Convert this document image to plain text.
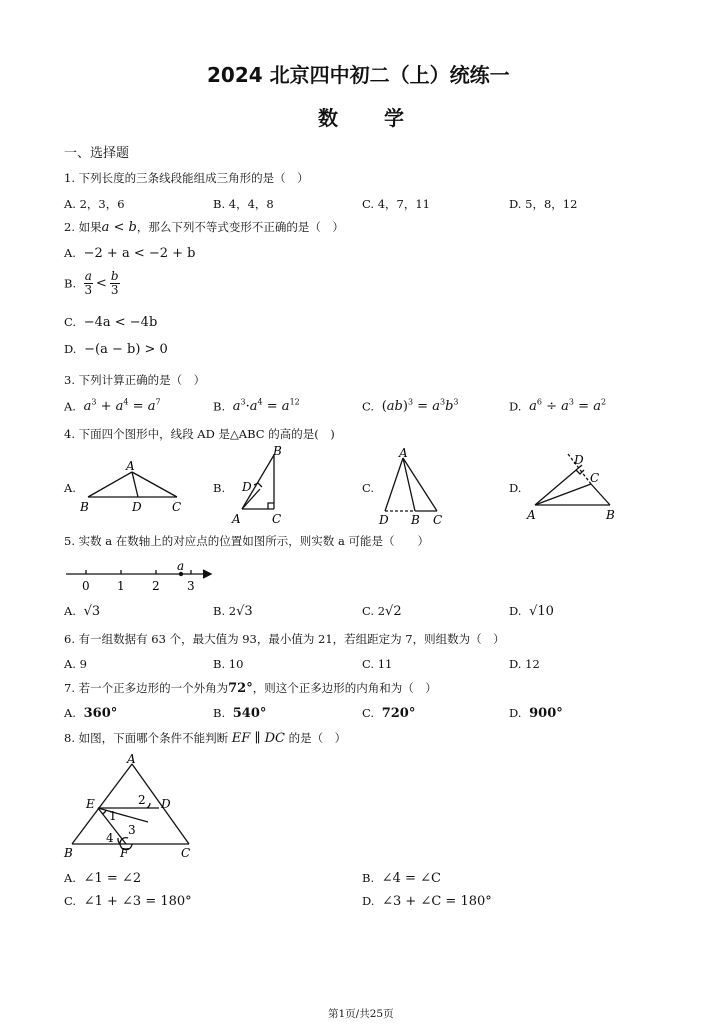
2024 北京四中初二（上）统练一
数　　学
一、选择题
1. 下列长度的三条线段能组成三角形的是（　）
A. 2，3，6	B. 4，4，8	C. 4，7，11	D. 5，8，12
2. 如果a < b，那么下列不等式变形不正确的是（　）
A. −2 + a < −2 + b
B. $\frac{a}{3} < \frac{b}{3}$
C. −4a < −4b
D. −(a − b) > 0
3. 下列计算正确的是（　）
A. $a^3 + a^4 = a^7$	B. $a^3\cdot a^4 = a^{12}$	C. $(ab)^3 = a^3b^3$	D. $a^6 \div a^3 = a^2$
4. 下面四个图形中，线段 AD 是△ABC 的高的是(　)
A.
A
B	D	C
B.
B
D
A	C
C.
A
D B C
D.
D
C
A	B
5. 实数 a 在数轴上的对应点的位置如图所示，则实数 a 可能是（　　）
a
0 1 2 3
A. √3	B. 2√3	C. 2√2	D. √10
6. 有一组数据有 63 个，最大值为 93，最小值为 21，若组距定为 7，则组数为（　）
A. 9	B. 10	C. 11	D. 12
7. 若一个正多边形的一个外角为72°，则这个正多边形的内角和为（　）
A. 360°	B. 540°	C. 720°	D. 900°
8. 如图，下面哪个条件不能判断 EF ∥ DC 的是（　）
A
E	D
B	F	C
2
1
3
4
A. ∠1 = ∠2	B. ∠4 = ∠C
C. ∠1 + ∠3 = 180°	D. ∠3 + ∠C = 180°
第1页/共25页
